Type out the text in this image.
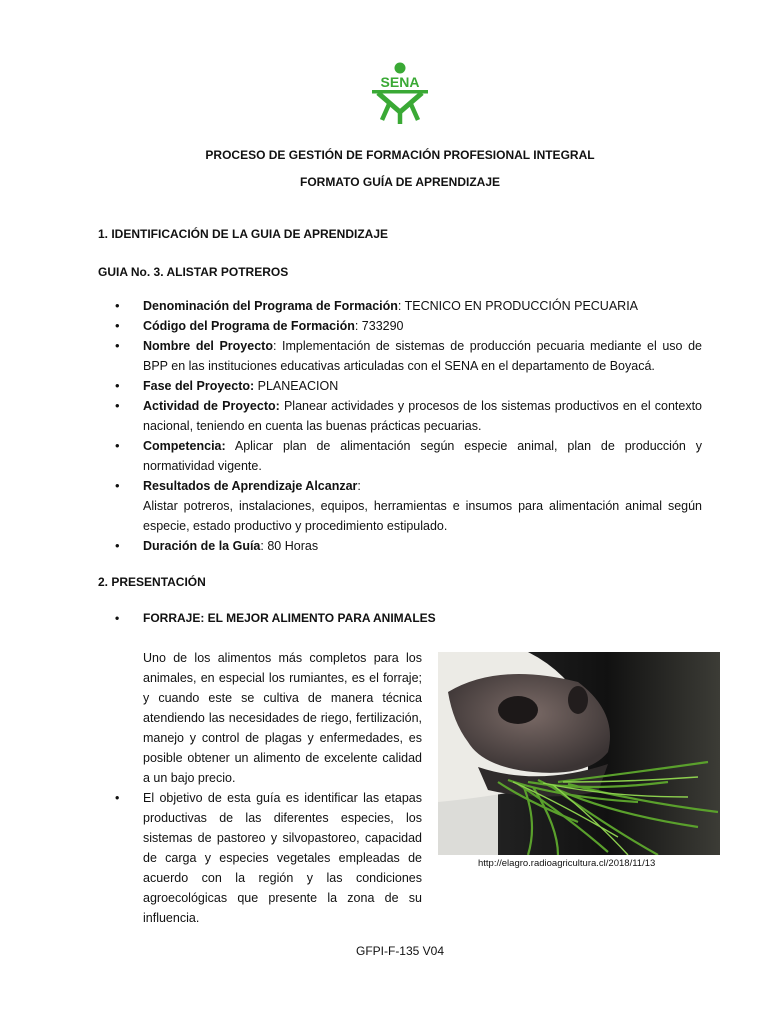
SENA
PROCESO DE GESTIÓN DE FORMACIÓN PROFESIONAL INTEGRAL
FORMATO GUÍA DE APRENDIZAJE
1. IDENTIFICACIÓN DE LA GUIA DE APRENDIZAJE
GUIA No. 3. ALISTAR POTREROS
• Denominación del Programa de Formación: TECNICO EN PRODUCCIÓN PECUARIA
• Código del Programa de Formación: 733290
• Nombre del Proyecto: Implementación de sistemas de producción pecuaria mediante el uso de BPP en las instituciones educativas articuladas con el SENA en el departamento de Boyacá.
• Fase del Proyecto: PLANEACION
• Actividad de Proyecto: Planear actividades y procesos de los sistemas productivos en el contexto nacional, teniendo en cuenta las buenas prácticas pecuarias.
• Competencia: Aplicar plan de alimentación según especie animal, plan de producción y normatividad vigente.
• Resultados de Aprendizaje Alcanzar:
Alistar potreros, instalaciones, equipos, herramientas e insumos para alimentación animal según especie, estado productivo y procedimiento estipulado.
• Duración de la Guía: 80 Horas
2. PRESENTACIÓN
• FORRAJE: EL MEJOR ALIMENTO PARA ANIMALES

Uno de los alimentos más completos para los animales, en especial los rumiantes, es el forraje; y cuando este se cultiva de manera técnica atendiendo las necesidades de riego, fertilización, manejo y control de plagas y enfermedades, es posible obtener un alimento de excelente calidad a un bajo precio.

• El objetivo de esta guía es identificar las etapas productivas de las diferentes especies, los sistemas de pastoreo y silvopastoreo, capacidad de carga y especies vegetales empleadas de acuerdo con la región y las condiciones agroecológicas que presente la zona de su influencia.

http://elagro.radioagricultura.cl/2018/11/13
GFPI-F-135 V04
